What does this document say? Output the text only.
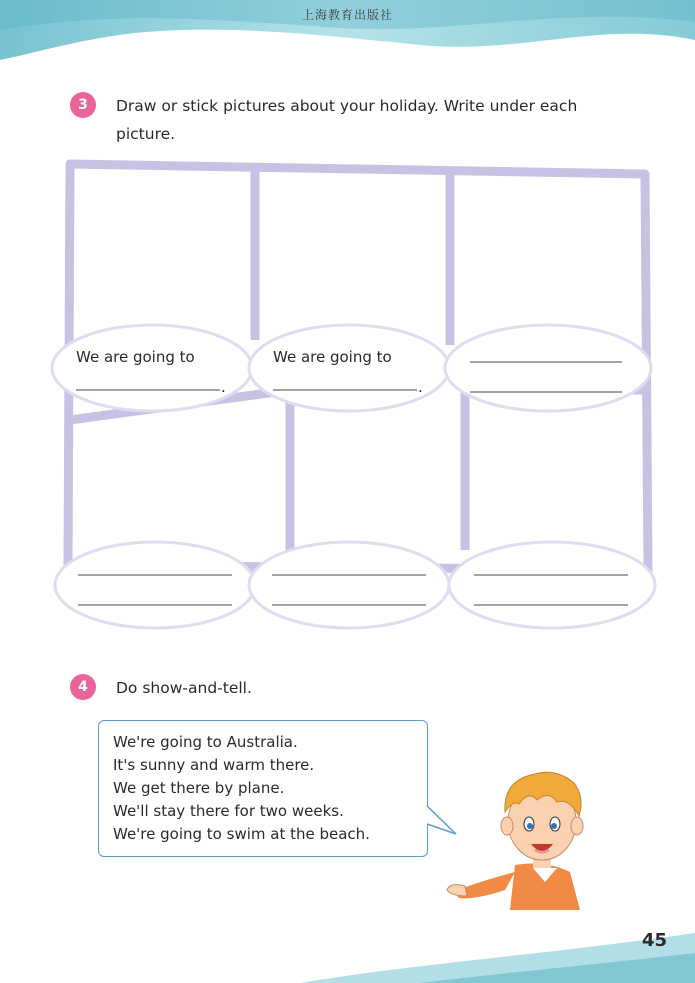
上海教育出版社
3	Draw or stick pictures about your holiday. Write under each
picture.
We are going to
.
We are going to
.
4	Do show-and-tell.
We're going to Australia.
It's sunny and warm there.
We get there by plane.
We'll stay there for two weeks.
We're going to swim at the beach.
45
